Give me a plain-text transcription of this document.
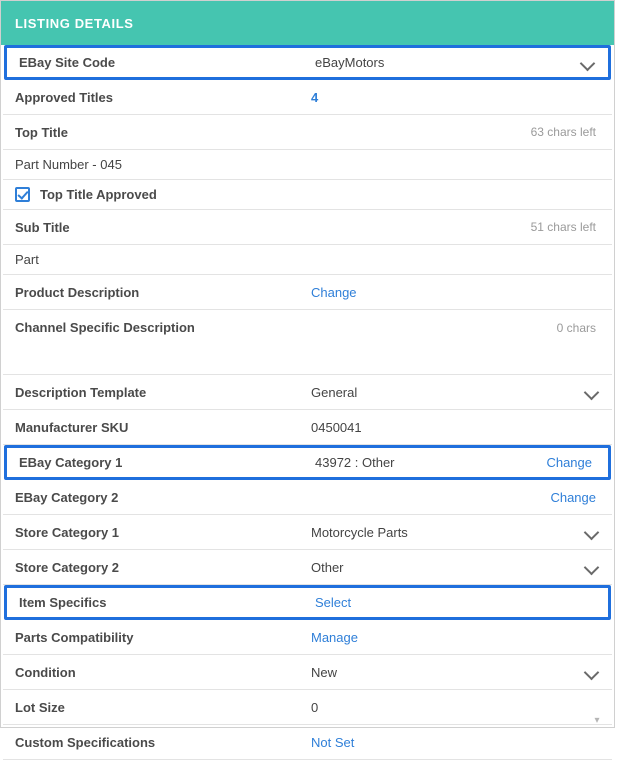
LISTING DETAILS
EBay Site Code	eBayMotors
Approved Titles	4
Top Title	63 chars left
Part Number - 045
Top Title Approved
Sub Title	51 chars left
Part
Product Description	Change
Channel Specific Description	0 chars
▾
Description Template	General
Manufacturer SKU	0450041
EBay Category 1	43972 : Other	Change
EBay Category 2	Change
Store Category 1	Motorcycle Parts
Store Category 2	Other
Item Specifics	Select
Parts Compatibility	Manage
Condition	New
Lot Size	0
Custom Specifications	Not Set
